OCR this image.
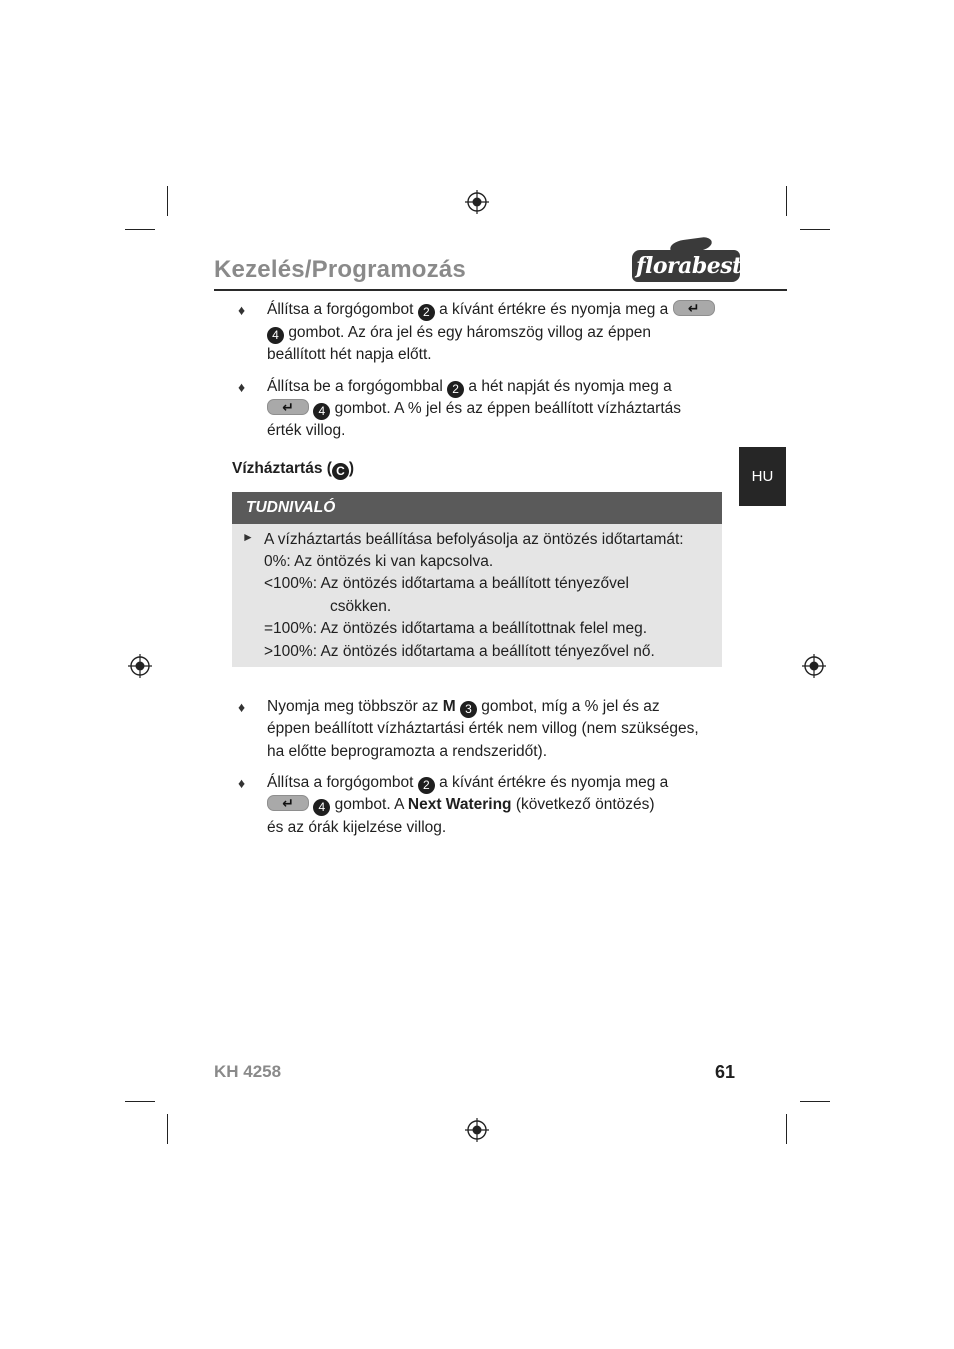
Kezelés/Programozás	florabest
HU
♦ Állítsa a forgógombot 2 a kívánt értékre és nyomja meg a ↵
4 gombot. Az óra jel és egy háromszög villog az éppen
beállított hét napja előtt.
♦ Állítsa be a forgógombbal 2 a hét napját és nyomja meg a
↵ 4 gombot. A % jel és az éppen beállított vízháztartás
érték villog.
Vízháztartás ( C )
TUDNIVALÓ
► A vízháztartás beállítása befolyásolja az öntözés időtartamát:
0%: Az öntözés ki van kapcsolva.
<100%: Az öntözés időtartama a beállított tényezővel
csökken.
=100%: Az öntözés időtartama a beállítottnak felel meg.
>100%: Az öntözés időtartama a beállított tényezővel nő.
♦ Nyomja meg többször az M 3 gombot, míg a % jel és az
éppen beállított vízháztartási érték nem villog (nem szükséges,
ha előtte beprogramozta a rendszeridőt).
♦ Állítsa a forgógombot 2 a kívánt értékre és nyomja meg a
↵ 4 gombot. A Next Watering (következő öntözés)
és az órák kijelzése villog.
KH 4258	61
